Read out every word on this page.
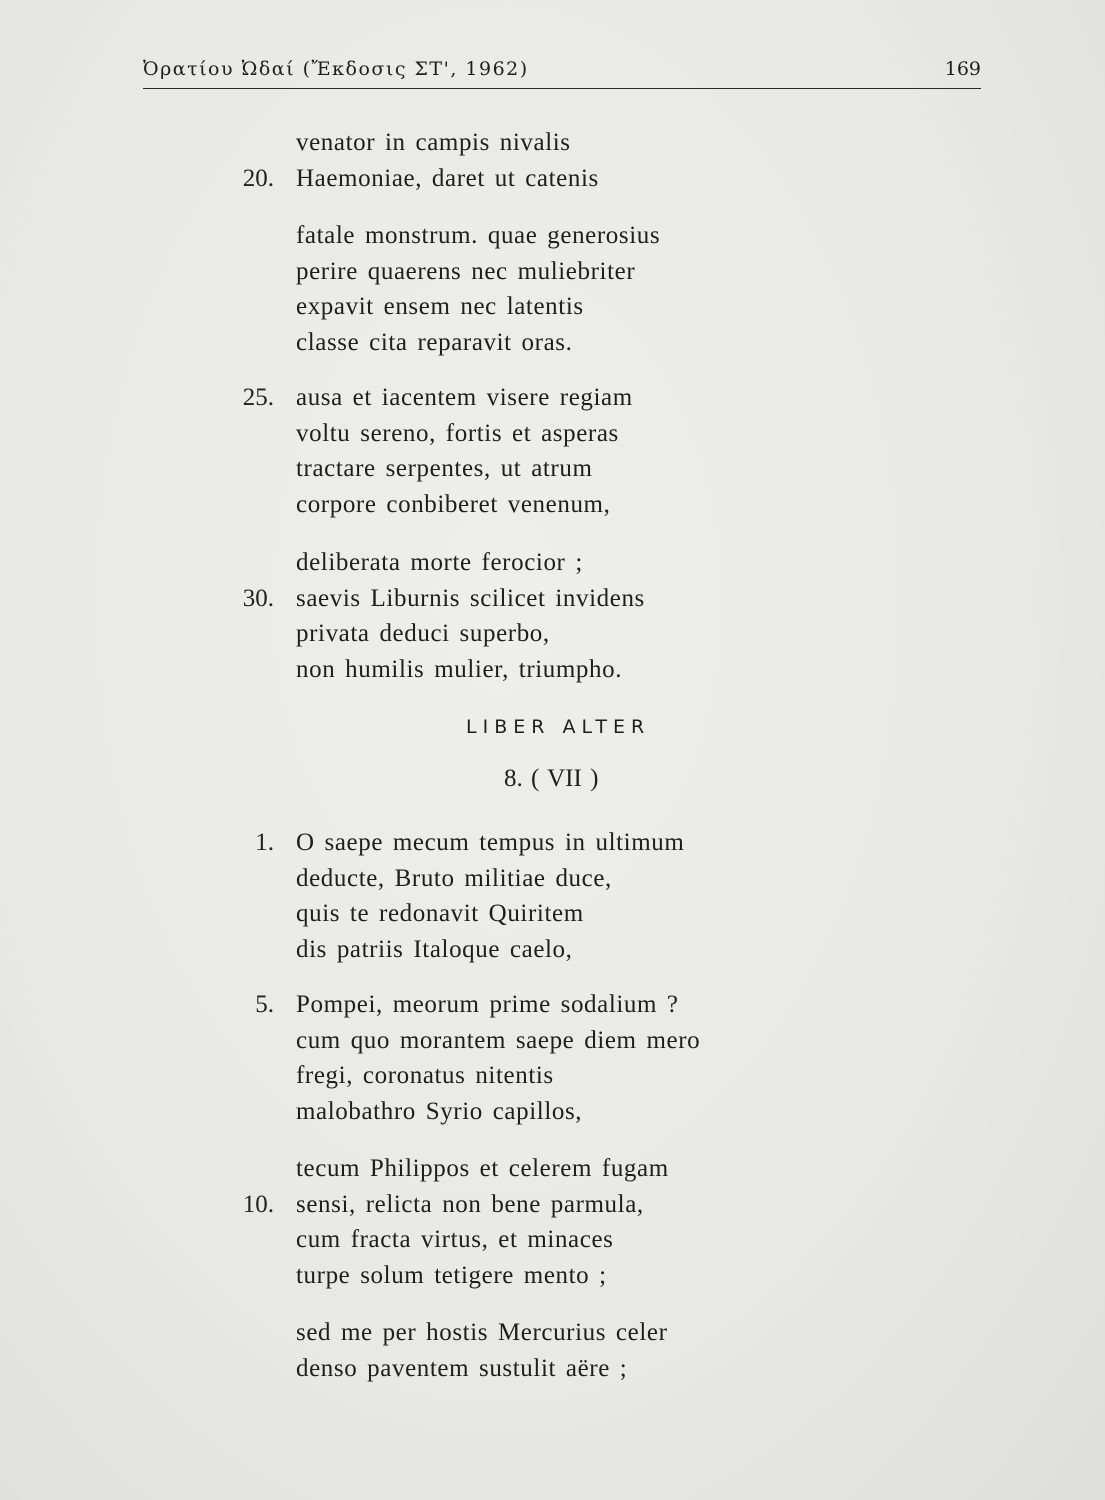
Ὀρατίου Ὠδαί (Ἔκδοσις ΣΤ', 1962)	169
venator in campis nivalis
20. Haemoniae, daret ut catenis
fatale monstrum. quae generosius
perire quaerens nec muliebriter
expavit ensem nec latentis
classe cita reparavit oras.
25. ausa et iacentem visere regiam
voltu sereno, fortis et asperas
tractare serpentes, ut atrum
corpore conbiberet venenum,
deliberata morte ferocior ;
30. saevis Liburnis scilicet invidens
privata deduci superbo,
non humilis mulier, triumpho.
LIBER ALTER
8. ( VII )
1. O saepe mecum tempus in ultimum
deducte, Bruto militiae duce,
quis te redonavit Quiritem
dis patriis Italoque caelo,
5. Pompei, meorum prime sodalium ?
cum quo morantem saepe diem mero
fregi, coronatus nitentis
malobathro Syrio capillos,
tecum Philippos et celerem fugam
10. sensi, relicta non bene parmula,
cum fracta virtus, et minaces
turpe solum tetigere mento ;
sed me per hostis Mercurius celer
denso paventem sustulit aëre ;
